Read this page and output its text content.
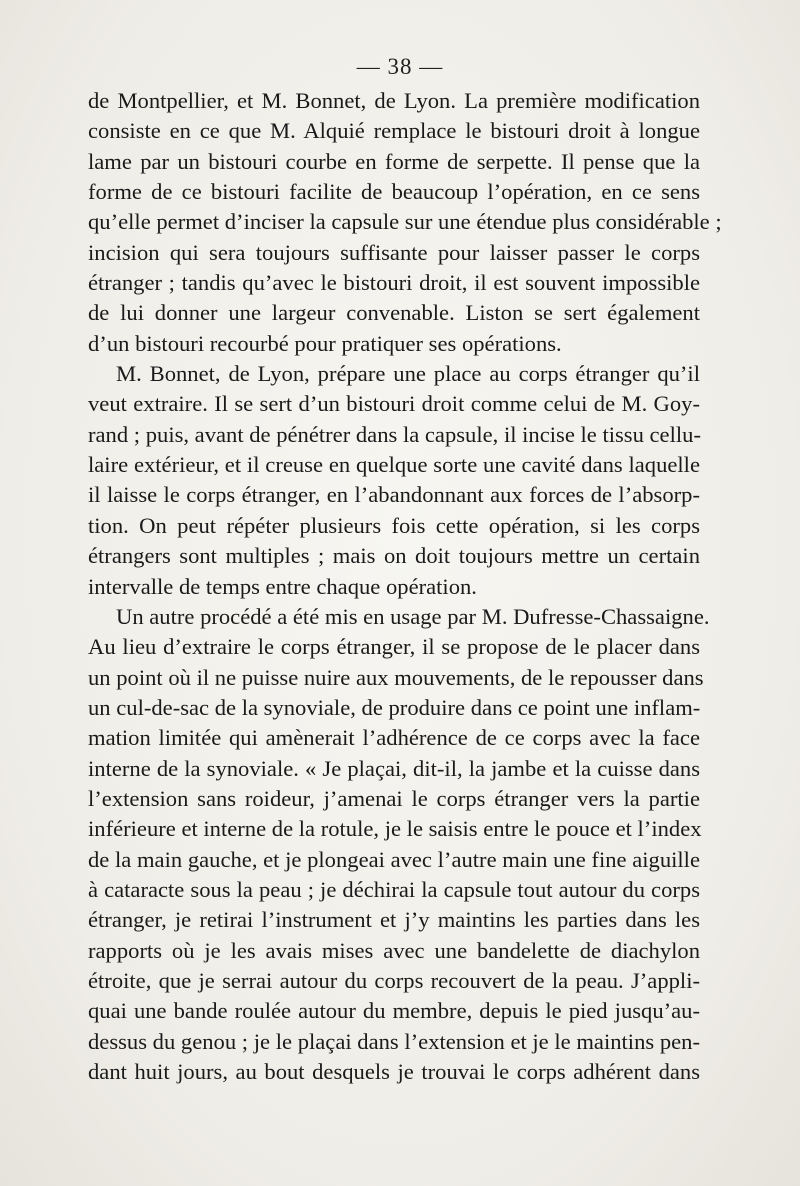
— 38 —
de Montpellier, et M. Bonnet, de Lyon. La première modification
consiste en ce que M. Alquié remplace le bistouri droit à longue
lame par un bistouri courbe en forme de serpette. Il pense que la
forme de ce bistouri facilite de beaucoup l’opération, en ce sens
qu’elle permet d’inciser la capsule sur une étendue plus considérable ;
incision qui sera toujours suffisante pour laisser passer le corps
étranger ; tandis qu’avec le bistouri droit, il est souvent impossible
de lui donner une largeur convenable. Liston se sert également
d’un bistouri recourbé pour pratiquer ses opérations.
M. Bonnet, de Lyon, prépare une place au corps étranger qu’il
veut extraire. Il se sert d’un bistouri droit comme celui de M. Goy-
rand ; puis, avant de pénétrer dans la capsule, il incise le tissu cellu-
laire extérieur, et il creuse en quelque sorte une cavité dans laquelle
il laisse le corps étranger, en l’abandonnant aux forces de l’absorp-
tion. On peut répéter plusieurs fois cette opération, si les corps
étrangers sont multiples ; mais on doit toujours mettre un certain
intervalle de temps entre chaque opération.
Un autre procédé a été mis en usage par M. Dufresse-Chassaigne.
Au lieu d’extraire le corps étranger, il se propose de le placer dans
un point où il ne puisse nuire aux mouvements, de le repousser dans
un cul-de-sac de la synoviale, de produire dans ce point une inflam-
mation limitée qui amènerait l’adhérence de ce corps avec la face
interne de la synoviale. « Je plaçai, dit-il, la jambe et la cuisse dans
l’extension sans roideur, j’amenai le corps étranger vers la partie
inférieure et interne de la rotule, je le saisis entre le pouce et l’index
de la main gauche, et je plongeai avec l’autre main une fine aiguille
à cataracte sous la peau ; je déchirai la capsule tout autour du corps
étranger, je retirai l’instrument et j’y maintins les parties dans les
rapports où je les avais mises avec une bandelette de diachylon
étroite, que je serrai autour du corps recouvert de la peau. J’appli-
quai une bande roulée autour du membre, depuis le pied jusqu’au-
dessus du genou ; je le plaçai dans l’extension et je le maintins pen-
dant huit jours, au bout desquels je trouvai le corps adhérent dans
